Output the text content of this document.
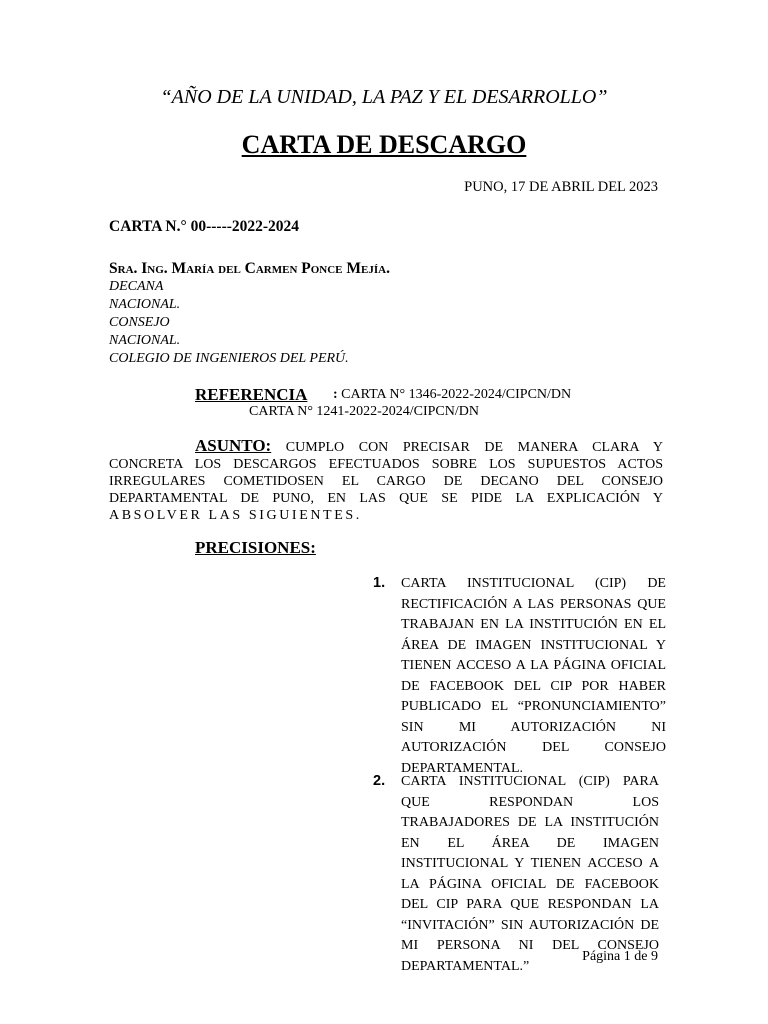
“AÑO DE LA UNIDAD, LA PAZ Y EL DESARROLLO”
CARTA DE DESCARGO
PUNO, 17 DE ABRIL DEL 2023
CARTA N.° 00-----2022-2024
Sra. Ing. María del Carmen Ponce Mejía.
DECANA
NACIONAL.
CONSEJO
NACIONAL.
COLEGIO DE INGENIEROS DEL PERÚ.
REFERENCIA : CARTA N° 1346-2022-2024/CIPCN/DN
CARTA N° 1241-2022-2024/CIPCN/DN
ASUNTO: CUMPLO CON PRECISAR DE MANERA CLARA Y
CONCRETA LOS DESCARGOS EFECTUADOS SOBRE LOS SUPUESTOS ACTOS
IRREGULARES COMETIDOSEN EL CARGO DE DECANO DEL CONSEJO
DEPARTAMENTAL DE PUNO, EN LAS QUE SE PIDE LA EXPLICACIÓN Y
ABSOLVER LAS SIGUIENTES.
PRECISIONES:
1. CARTA INSTITUCIONAL (CIP) DE
RECTIFICACIÓN A LAS PERSONAS QUE
TRABAJAN EN LA INSTITUCIÓN EN EL
ÁREA DE IMAGEN INSTITUCIONAL Y
TIENEN ACCESO A LA PÁGINA OFICIAL
DE FACEBOOK DEL CIP POR HABER
PUBLICADO EL “PRONUNCIAMIENTO”
SIN MI AUTORIZACIÓN NI
AUTORIZACIÓN DEL CONSEJO
DEPARTAMENTAL.
2. CARTA INSTITUCIONAL (CIP) PARA
QUE RESPONDAN LOS
TRABAJADORES DE LA INSTITUCIÓN
EN EL ÁREA DE IMAGEN
INSTITUCIONAL Y TIENEN ACCESO A
LA PÁGINA OFICIAL DE FACEBOOK
DEL CIP PARA QUE RESPONDAN LA
“INVITACIÓN” SIN AUTORIZACIÓN DE
MI PERSONA NI DEL CONSEJO
DEPARTAMENTAL.”
Página 1 de 9
